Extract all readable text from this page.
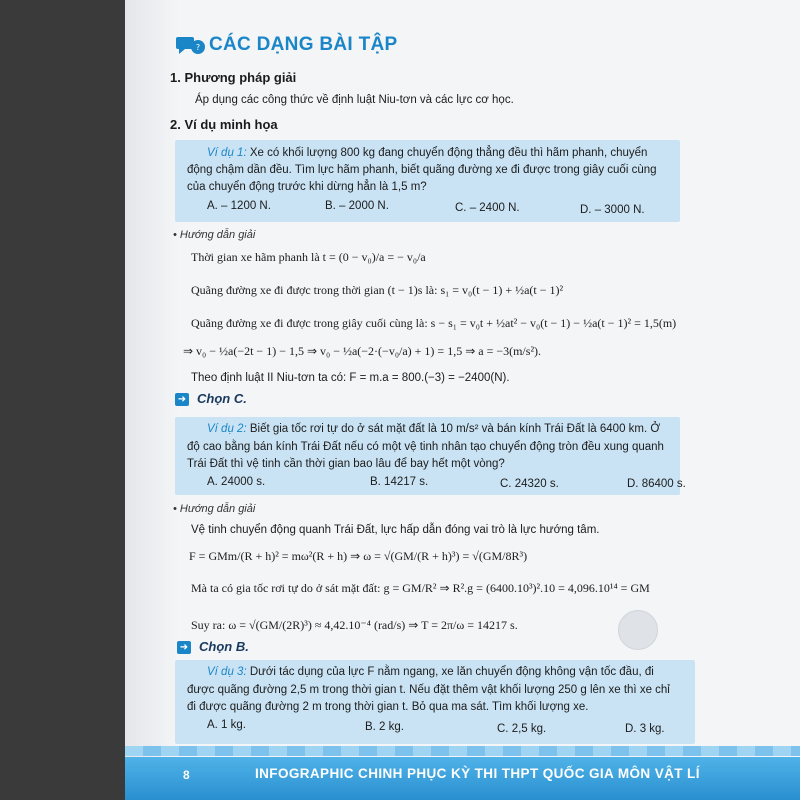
? CÁC DẠNG BÀI TẬP
1. Phương pháp giải
Áp dụng các công thức về định luật Niu-tơn và các lực cơ học.
2. Ví dụ minh họa
Ví dụ 1: Xe có khối lượng 800 kg đang chuyển động thẳng đều thì hãm phanh, chuyển
động chậm dần đều. Tìm lực hãm phanh, biết quãng đường xe đi được trong giây cuối cùng
của chuyển động trước khi dừng hẳn là 1,5 m?
A. – 1200 N.	B. – 2000 N.	C. – 2400 N.	D. – 3000 N.
• Hướng dẫn giải
Thời gian xe hãm phanh là t = (0 − v₀)/a = − v₀/a
Quãng đường xe đi được trong thời gian (t − 1)s là: s₁ = v₀(t − 1) + ½a(t − 1)²
Quãng đường xe đi được trong giây cuối cùng là: s − s₁ = v₀t + ½at² − v₀(t − 1) − ½a(t − 1)² = 1,5(m)
⇒ v₀ − ½a(−2t − 1) − 1,5 ⇒ v₀ − ½a(−2·(−v₀/a) + 1) = 1,5 ⇒ a = −3(m/s²).
Theo định luật II Niu-tơn ta có: F = m.a = 800.(−3) = −2400(N).
➜ Chọn C.
Ví dụ 2: Biết gia tốc rơi tự do ở sát mặt đất là 10 m/s² và bán kính Trái Đất là 6400 km. Ở
độ cao bằng bán kính Trái Đất nếu có một vệ tinh nhân tạo chuyển động tròn đều xung quanh
Trái Đất thì vệ tinh cần thời gian bao lâu để bay hết một vòng?
A. 24000 s.	B. 14217 s.	C. 24320 s.	D. 86400 s.
• Hướng dẫn giải
Vệ tinh chuyển động quanh Trái Đất, lực hấp dẫn đóng vai trò là lực hướng tâm.
F = GMm/(R + h)² = mω²(R + h) ⇒ ω = √(GM/(R + h)³) = √(GM/8R³)
Mà ta có gia tốc rơi tự do ở sát mặt đất: g = GM/R² ⇒ R².g = (6400.10³)².10 = 4,096.10¹⁴ = GM
Suy ra: ω = √(GM/(2R)³) ≈ 4,42.10⁻⁴ (rad/s) ⇒ T = 2π/ω = 14217 s.
➜ Chọn B.
Ví dụ 3: Dưới tác dụng của lực F nằm ngang, xe lăn chuyển động không vận tốc đầu, đi
được quãng đường 2,5 m trong thời gian t. Nếu đặt thêm vật khối lượng 250 g lên xe thì xe chỉ
đi được quãng đường 2 m trong thời gian t. Bỏ qua ma sát. Tìm khối lượng xe.
A. 1 kg.	B. 2 kg.	C. 2,5 kg.	D. 3 kg.
8	INFOGRAPHIC CHINH PHỤC KỲ THI THPT QUỐC GIA MÔN VẬT LÍ
